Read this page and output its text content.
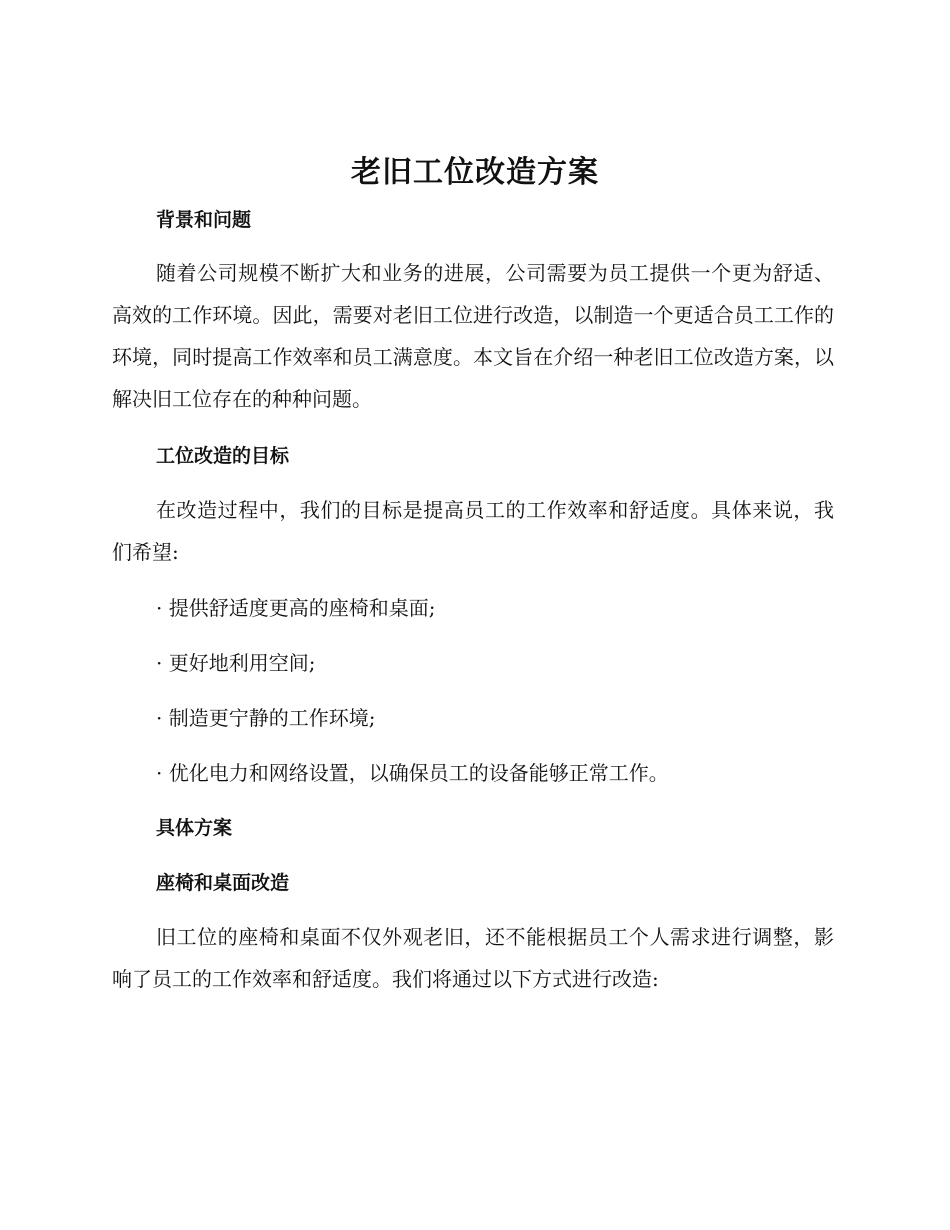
老旧工位改造方案
背景和问题

随着公司规模不断扩大和业务的进展，公司需要为员工提供一个更为舒适、高效的工作环境。因此，需要对老旧工位进行改造，以制造一个更适合员工工作的环境，同时提高工作效率和员工满意度。本文旨在介绍一种老旧工位改造方案，以解决旧工位存在的种种问题。

工位改造的目标

在改造过程中，我们的目标是提高员工的工作效率和舒适度。具体来说，我们希望:

· 提供舒适度更高的座椅和桌面;

· 更好地利用空间;

· 制造更宁静的工作环境;

· 优化电力和网络设置，以确保员工的设备能够正常工作。

具体方案
座椅和桌面改造

旧工位的座椅和桌面不仅外观老旧，还不能根据员工个人需求进行调整，影响了员工的工作效率和舒适度。我们将通过以下方式进行改造:
